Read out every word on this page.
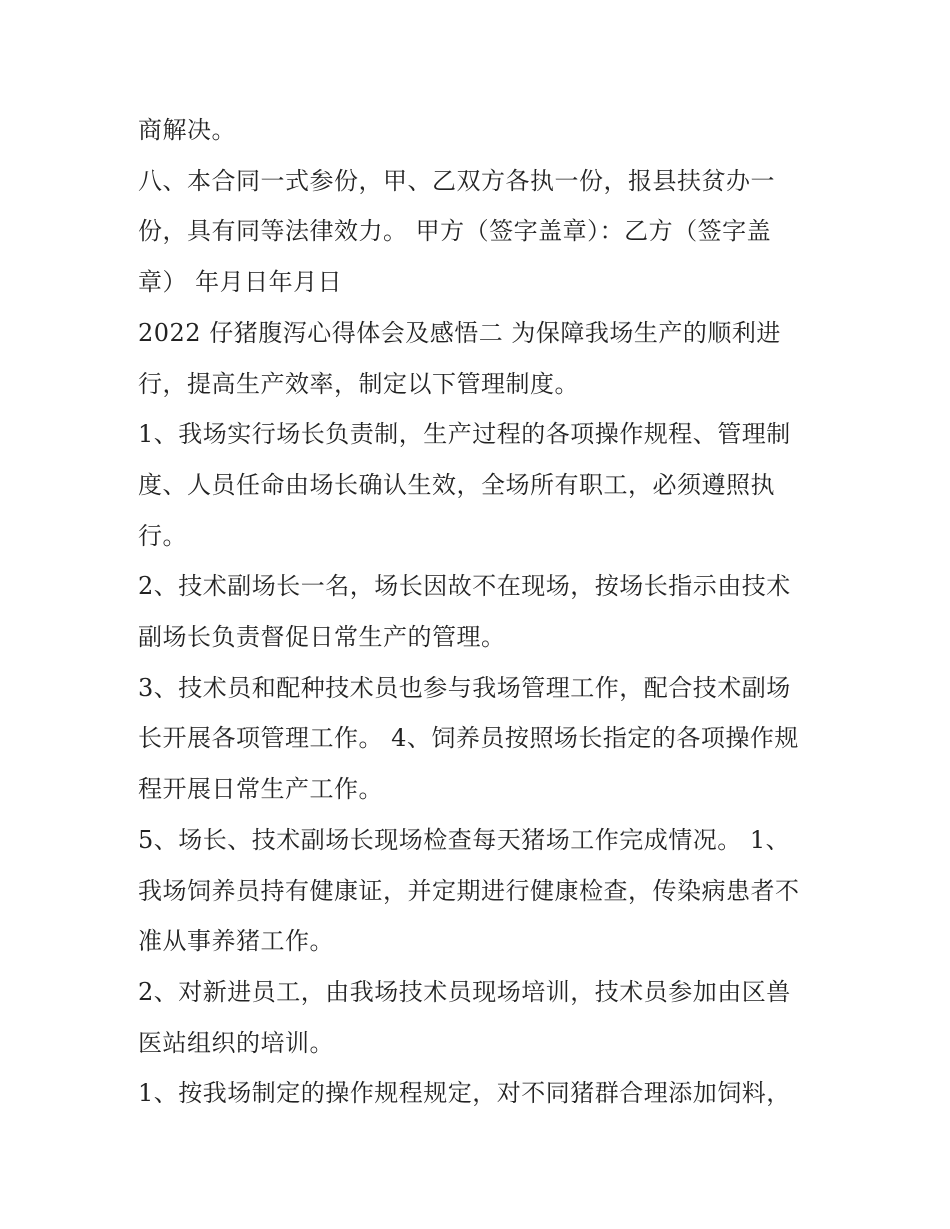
商解决。
八、本合同一式参份，甲、乙双方各执一份，报县扶贫办一
份，具有同等法律效力。 甲方（签字盖章）：乙方（签字盖
章） 年月日年月日
2022 仔猪腹泻心得体会及感悟二 为保障我场生产的顺利进
行，提高生产效率，制定以下管理制度。
1、我场实行场长负责制，生产过程的各项操作规程、管理制
度、人员任命由场长确认生效，全场所有职工，必须遵照执
行。
2、技术副场长一名，场长因故不在现场，按场长指示由技术
副场长负责督促日常生产的管理。
3、技术员和配种技术员也参与我场管理工作，配合技术副场
长开展各项管理工作。 4、饲养员按照场长指定的各项操作规
程开展日常生产工作。
5、场长、技术副场长现场检查每天猪场工作完成情况。 1、
我场饲养员持有健康证，并定期进行健康检查，传染病患者不
准从事养猪工作。
2、对新进员工，由我场技术员现场培训，技术员参加由区兽
医站组织的培训。
1、按我场制定的操作规程规定，对不同猪群合理添加饲料，
